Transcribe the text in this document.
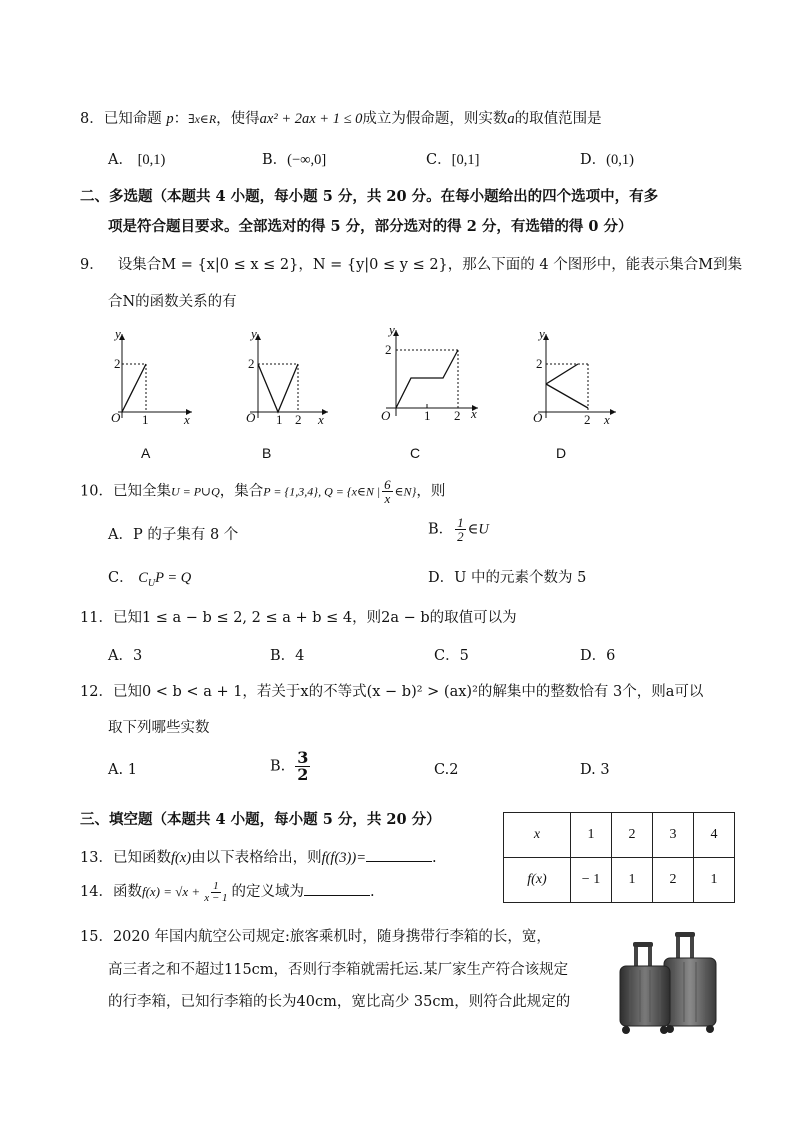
8．已知命题 p：∃x∈R，使得ax² + 2ax + 1 ≤ 0成立为假命题，则实数a的取值范围是
A． [0,1)	B．(−∞,0]	C．[0,1]	D．(0,1)
二、多选题（本题共 4 小题，每小题 5 分，共 20 分。在每小题给出的四个选项中，有多
项是符合题目要求。全部选对的得 5 分，部分选对的得 2 分，有选错的得 0 分）
9． 设集合M = {x|0 ≤ x ≤ 2}，N = {y|0 ≤ y ≤ 2}，那么下面的 4 个图形中，能表示集合M到集
合N的函数关系的有
y
2
O 1	x
A
y
2
O 1 2 x
B
y
2
O	1 2 x
C
y
2
O	2 x
D
10．已知全集U = P∪Q，集合P = {1,3,4}, Q = {x∈N | $\frac{6}{x}$ ∈N}，则
A．P 的子集有 8 个	B． $\frac{1}{2}$ ∈U
C． $C_UP = Q$	D．U 中的元素个数为 5
11．已知1 ≤ a − b ≤ 2, 2 ≤ a + b ≤ 4，则2a − b的取值可以为
A．3	B．4	C．5	D．6
12．已知0 < b < a + 1，若关于x的不等式(x − b)² > (ax)²的解集中的整数恰有 3个，则a可以
取下列哪些实数
A. 1	B. $\frac{3}{2}$	C.2	D. 3
三、填空题（本题共 4 小题，每小题 5 分，共 20 分）
x	1	2	3	4
f(x)	− 1	1	2	1
13．已知函数f(x)由以下表格给出，则f(f(3))=	.
14．函数$f(x) = √x + \frac{1}{x - 1}$ 的定义域为	.
15．2020 年国内航空公司规定:旅客乘机时，随身携带行李箱的长，宽，
高三者之和不超过115cm，否则行李箱就需托运.某厂家生产符合该规定
的行李箱，已知行李箱的长为40cm，宽比高少 35cm，则符合此规定的
